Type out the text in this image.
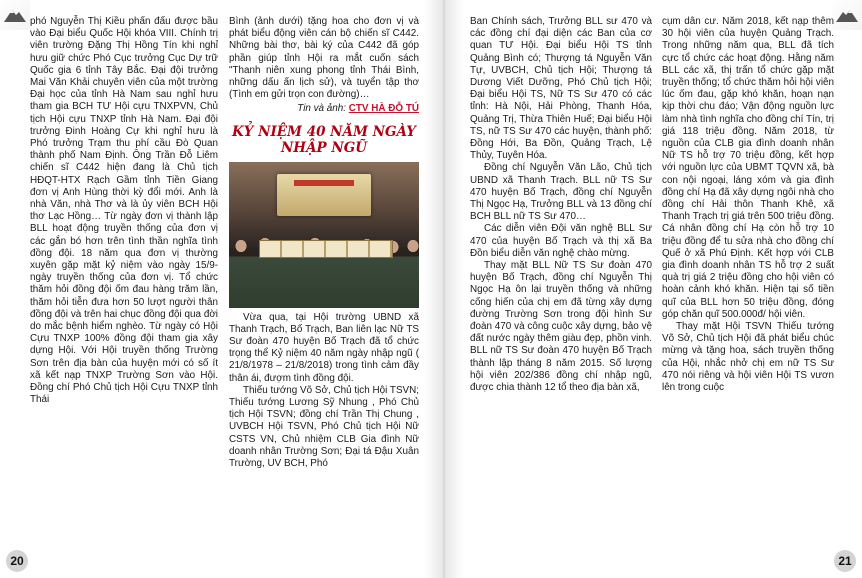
phó Nguyễn Thị Kiều phấn đấu được bầu vào Đại biểu Quốc Hội khóa VIII. Chính trị viên trường Đặng Thị Hồng Tín khi nghỉ hưu giữ chức Phó Cục trưởng Cục Dự trữ Quốc gia 6 tỉnh Tây Bắc. Đại đội trưởng Mai Văn Khải chuyên viên của một trường Đại học của tỉnh Hà Nam sau nghỉ hưu tham gia BCH TƯ Hội cựu TNXPVN, Chủ tịch Hội cựu TNXP tỉnh Hà Nam. Đại đội trưởng Đinh Hoàng Cự khi nghỉ hưu là Phó trưởng Trạm thu phí cầu Đò Quan thành phố Nam Định. Ông Trần Đỗ Liêm chiến sĩ C442 hiện đang là Chủ tịch HĐQT-HTX Rạch Gầm tỉnh Tiền Giang đơn vị Anh Hùng thời kỳ đổi mới. Anh là nhà Văn, nhà Thơ và là ủy viên BCH Hội thơ Lạc Hồng… Từ ngày đơn vị thành lập BLL hoạt động truyền thống của đơn vị các gắn bó hơn trên tình thần nghĩa tình đồng đội. 18 năm qua đơn vị thường xuyên gặp mặt kỷ niệm vào ngày 15/9- ngày truyền thống của đơn vị. Tổ chức thăm hỏi đồng đội ốm đau hàng trăm lần, thăm hỏi tiễn đưa hơn 50 lượt người thân đồng đội và trên hai chục đồng đội qua đời do mắc bệnh hiểm nghèo. Từ ngày có Hội Cựu TNXP 100% đồng đội tham gia xây dựng Hội. Với Hội truyền thống Trường Sơn trên địa bàn của huyện mới có số ít xã kết nạp TNXP Trường Sơn vào Hội. Đồng chí Phó Chủ tịch Hội Cựu TNXP tỉnh Thái

Bình (ảnh dưới) tặng hoa cho đơn vị và phát biểu động viên cán bộ chiến sĩ C442. Những bài thơ, bài ký của C442 đã góp phần giúp tỉnh Hội ra mắt cuốn sách "Thanh niên xung phong tỉnh Thái Bình, những dấu ấn lịch sử), và tuyển tập thơ (Tình em gửi trọn con đường)…

Tin và ảnh: CTV HÀ ĐỖ TÚ
KỶ NIỆM 40 NĂM NGÀY
NHẬP NGŨ

Vừa qua, tại Hội trường UBND xã Thanh Trạch, Bố Trạch, Ban liên lạc Nữ TS Sư đoàn 470 huyện Bố Trạch đã tổ chức trọng thể Kỷ niệm 40 năm ngày nhập ngũ ( 21/8/1978 – 21/8/2018) trong tình cảm đầy thân ái, đượm tình đồng đội.

Thiếu tướng Võ Sở, Chủ tịch Hội TSVN; Thiếu tướng Lương Sỹ Nhung , Phó Chủ tịch Hội TSVN; đồng chí Trần Thị Chung , UVBCH Hội TSVN, Phó Chủ tịch Hội Nữ CSTS VN, Chủ nhiệm CLB Gia đình Nữ doanh nhân Trường Sơn; Đại tá Đậu Xuân Trường, UV BCH, Phó

Ban Chính sách, Trưởng BLL sư 470 và các đồng chí đại diện các Ban của cơ quan TƯ Hội. Đại biểu Hội TS tỉnh Quảng Bình có; Thượng tá Nguyễn Văn Tự, UVBCH, Chủ tịch Hội; Thượng tá Dương Viết Dưỡng, Phó Chủ tịch Hội; Đại biểu Hội TS, Nữ TS Sư 470 có các tỉnh: Hà Nội, Hải Phòng, Thanh Hóa, Quảng Trị, Thừa Thiên Huế; Đại biểu Hội TS, nữ TS Sư 470 các huyện, thành phố: Đồng Hới, Ba Đồn, Quảng Trạch, Lệ Thủy, Tuyên Hóa.

Đồng chí Nguyễn Văn Lão, Chủ tịch UBND xã Thanh Trạch. BLL nữ TS Sư 470 huyện Bố Trạch, đồng chí Nguyễn Thị Ngọc Hạ, Trưởng BLL và 13 đồng chí BCH BLL nữ TS Sư 470…

Các diễn viên Đội văn nghệ BLL Sư 470 của huyện Bố Trạch và thị xã Ba Đồn biểu diễn văn nghệ chào mừng.

Thay mặt BLL Nữ TS Sư đoàn 470 huyện Bố Trạch, đồng chí Nguyễn Thị Ngọc Hạ ôn lại truyền thống và những cống hiến của chị em đã từng xây dựng đường Trường Sơn trong đội hình Sư đoàn 470 và công cuộc xây dựng, bảo vệ đất nước ngày thêm giàu đẹp, phồn vinh. BLL nữ TS Sư đoàn 470 huyện Bố Trạch thành lập tháng 8 năm 2015. Số lượng hội viên 202/386 đồng chí nhập ngũ, được chia thành 12 tổ theo địa bàn xã,

cụm dân cư. Năm 2018, kết nạp thêm 30 hội viên của huyện Quảng Trạch. Trong những năm qua, BLL đã tích cực tổ chức các hoạt động. Hằng năm BLL các xã, thị trấn tổ chức gặp mặt truyền thống; tổ chức thăm hỏi hội viên lúc ốm đau, gặp khó khăn, hoạn nạn kịp thời chu đáo; Vận động nguồn lực làm nhà tình nghĩa cho đồng chí Tín, trị giá 118 triệu đồng. Năm 2018, từ nguồn của CLB gia đình doanh nhân Nữ TS hỗ trợ 70 triệu đồng, kết hợp với nguồn lực của UBMT TQVN xã, bà con nội ngoại, láng xóm và gia đình đồng chí Hạ đã xây dựng ngôi nhà cho đồng chí Hải thôn Thanh Khê, xã Thanh Trạch trị giá trên 500 triệu đồng. Cá nhân đồng chí Hạ còn hỗ trợ 10 triệu đồng để tu sửa nhà cho đồng chí Quế ở xã Phú Định. Kết hợp với CLB gia đình doanh nhân TS hỗ trợ 2 suất quà trị giá 2 triệu đồng cho hội viên có hoàn cảnh khó khăn. Hiện tại số tiền quĩ của BLL hơn 50 triệu đồng, đóng góp chăn quĩ 500.000đ/ hội viên.

Thay mặt Hội TSVN Thiếu tướng Võ Sở, Chủ tịch Hội đã phát biểu chúc mừng và tặng hoa, sách truyền thống của Hội, nhắc nhở chị em nữ TS Sư 470 nói riêng và hội viên Hội TS vươn lên trong cuộc

20	21
